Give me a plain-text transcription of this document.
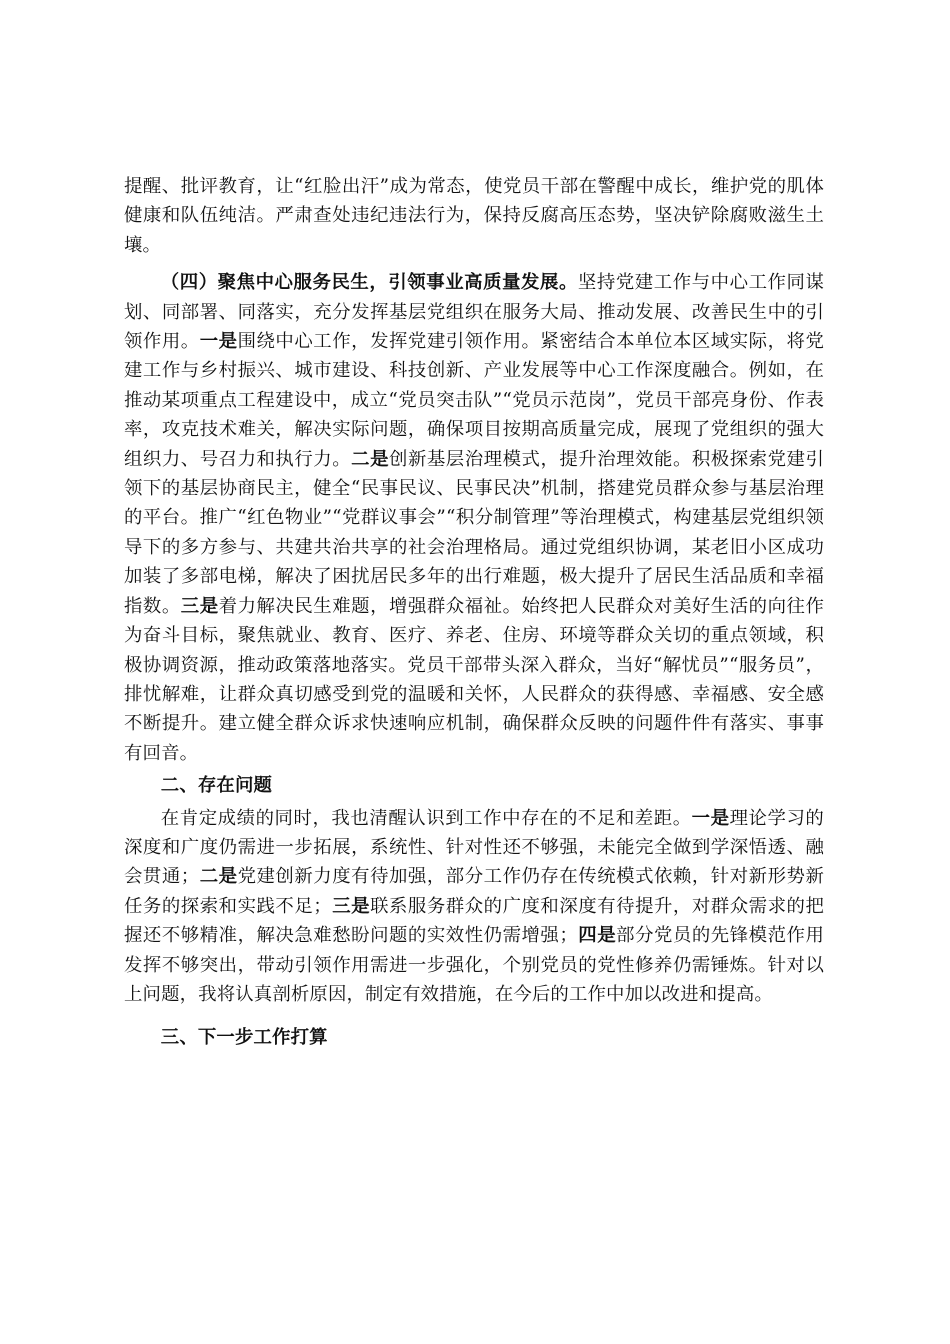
提醒、批评教育，让“红脸出汗”成为常态，使党员干部在警醒中成长，维护党的肌体健康和队伍纯洁。严肃查处违纪违法行为，保持反腐高压态势，坚决铲除腐败滋生土壤。

（四）聚焦中心服务民生，引领事业高质量发展。坚持党建工作与中心工作同谋划、同部署、同落实，充分发挥基层党组织在服务大局、推动发展、改善民生中的引领作用。一是围绕中心工作，发挥党建引领作用。紧密结合本单位本区域实际，将党建工作与乡村振兴、城市建设、科技创新、产业发展等中心工作深度融合。例如，在推动某项重点工程建设中，成立“党员突击队”“党员示范岗”，党员干部亮身份、作表率，攻克技术难关，解决实际问题，确保项目按期高质量完成，展现了党组织的强大组织力、号召力和执行力。二是创新基层治理模式，提升治理效能。积极探索党建引领下的基层协商民主，健全“民事民议、民事民决”机制，搭建党员群众参与基层治理的平台。推广“红色物业”“党群议事会”“积分制管理”等治理模式，构建基层党组织领导下的多方参与、共建共治共享的社会治理格局。通过党组织协调，某老旧小区成功加装了多部电梯，解决了困扰居民多年的出行难题，极大提升了居民生活品质和幸福指数。三是着力解决民生难题，增强群众福祉。始终把人民群众对美好生活的向往作为奋斗目标，聚焦就业、教育、医疗、养老、住房、环境等群众关切的重点领域，积极协调资源，推动政策落地落实。党员干部带头深入群众，当好“解忧员”“服务员”，排忧解难，让群众真切感受到党的温暖和关怀，人民群众的获得感、幸福感、安全感不断提升。建立健全群众诉求快速响应机制，确保群众反映的问题件件有落实、事事有回音。

二、存在问题

在肯定成绩的同时，我也清醒认识到工作中存在的不足和差距。一是理论学习的深度和广度仍需进一步拓展，系统性、针对性还不够强，未能完全做到学深悟透、融会贯通；二是党建创新力度有待加强，部分工作仍存在传统模式依赖，针对新形势新任务的探索和实践不足；三是联系服务群众的广度和深度有待提升，对群众需求的把握还不够精准，解决急难愁盼问题的实效性仍需增强；四是部分党员的先锋模范作用发挥不够突出，带动引领作用需进一步强化，个别党员的党性修养仍需锤炼。针对以上问题，我将认真剖析原因，制定有效措施，在今后的工作中加以改进和提高。

三、下一步工作打算
